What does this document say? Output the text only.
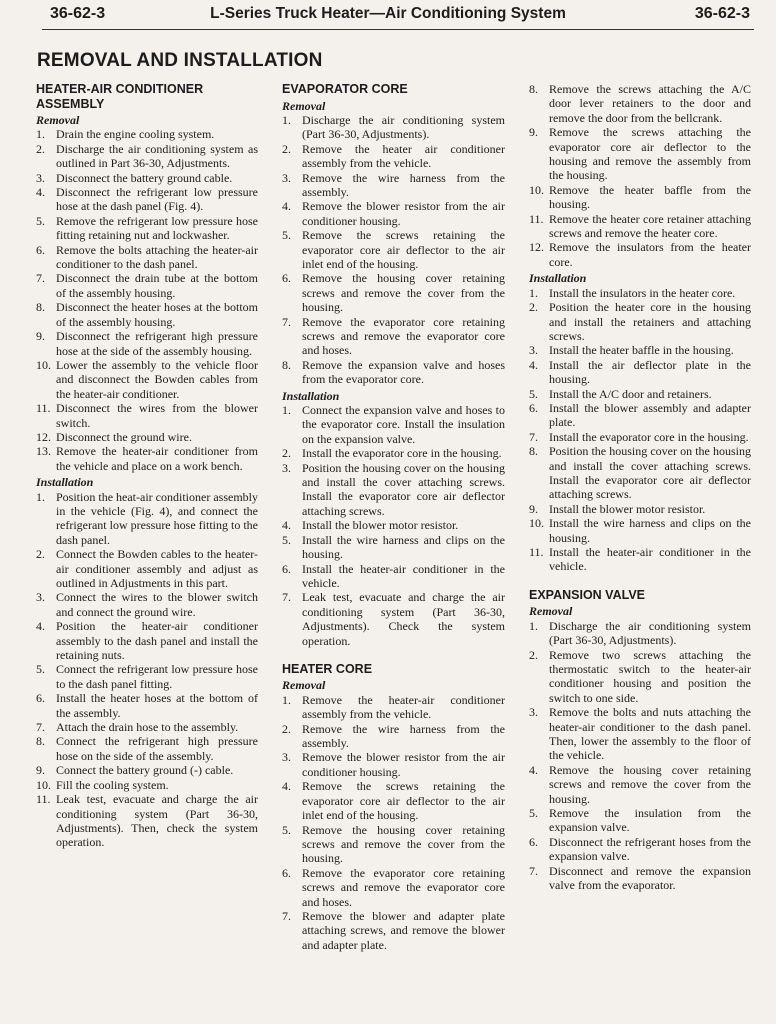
36-62-3	L-Series Truck Heater—Air Conditioning System	36-62-3
REMOVAL AND INSTALLATION
HEATER-AIR CONDITIONER ASSEMBLY
Removal
1. Drain the engine cooling system.
2. Discharge the air conditioning system as outlined in Part 36-30, Adjustments.
3. Disconnect the battery ground cable.
4. Disconnect the refrigerant low pressure hose at the dash panel (Fig. 4).
5. Remove the refrigerant low pressure hose fitting retaining nut and lockwasher.
6. Remove the bolts attaching the heater-air conditioner to the dash panel.
7. Disconnect the drain tube at the bottom of the assembly housing.
8. Disconnect the heater hoses at the bottom of the assembly housing.
9. Disconnect the refrigerant high pressure hose at the side of the assembly housing.
10. Lower the assembly to the vehicle floor and disconnect the Bowden cables from the heater-air conditioner.
11. Disconnect the wires from the blower switch.
12. Disconnect the ground wire.
13. Remove the heater-air conditioner from the vehicle and place on a work bench.
Installation
1. Position the heat-air conditioner assembly in the vehicle (Fig. 4), and connect the refrigerant low pressure hose fitting to the dash panel.
2. Connect the Bowden cables to the heater-air conditioner assembly and adjust as outlined in Adjustments in this part.
3. Connect the wires to the blower switch and connect the ground wire.
4. Position the heater-air conditioner assembly to the dash panel and install the retaining nuts.
5. Connect the refrigerant low pressure hose to the dash panel fitting.
6. Install the heater hoses at the bottom of the assembly.
7. Attach the drain hose to the assembly.
8. Connect the refrigerant high pressure hose on the side of the assembly.
9. Connect the battery ground (-) cable.
10. Fill the cooling system.
11. Leak test, evacuate and charge the air conditioning system (Part 36-30, Adjustments). Then, check the system operation.
EVAPORATOR CORE
Removal
1. Discharge the air conditioning system (Part 36-30, Adjustments).
2. Remove the heater air conditioner assembly from the vehicle.
3. Remove the wire harness from the assembly.
4. Remove the blower resistor from the air conditioner housing.
5. Remove the screws retaining the evaporator core air deflector to the air inlet end of the housing.
6. Remove the housing cover retaining screws and remove the cover from the housing.
7. Remove the evaporator core retaining screws and remove the evaporator core and hoses.
8. Remove the expansion valve and hoses from the evaporator core.
Installation
1. Connect the expansion valve and hoses to the evaporator core. Install the insulation on the expansion valve.
2. Install the evaporator core in the housing.
3. Position the housing cover on the housing and install the cover attaching screws. Install the evaporator core air deflector attaching screws.
4. Install the blower motor resistor.
5. Install the wire harness and clips on the housing.
6. Install the heater-air conditioner in the vehicle.
7. Leak test, evacuate and charge the air conditioning system (Part 36-30, Adjustments). Check the system operation.
HEATER CORE
Removal
1. Remove the heater-air conditioner assembly from the vehicle.
2. Remove the wire harness from the assembly.
3. Remove the blower resistor from the air conditioner housing.
4. Remove the screws retaining the evaporator core air deflector to the air inlet end of the housing.
5. Remove the housing cover retaining screws and remove the cover from the housing.
6. Remove the evaporator core retaining screws and remove the evaporator core and hoses.
7. Remove the blower and adapter plate attaching screws, and remove the blower and adapter plate.
8. Remove the screws attaching the A/C door lever retainers to the door and remove the door from the bellcrank.
9. Remove the screws attaching the evaporator core air deflector to the housing and remove the assembly from the housing.
10. Remove the heater baffle from the housing.
11. Remove the heater core retainer attaching screws and remove the heater core.
12. Remove the insulators from the heater core.
Installation
1. Install the insulators in the heater core.
2. Position the heater core in the housing and install the retainers and attaching screws.
3. Install the heater baffle in the housing.
4. Install the air deflector plate in the housing.
5. Install the A/C door and retainers.
6. Install the blower assembly and adapter plate.
7. Install the evaporator core in the housing.
8. Position the housing cover on the housing and install the cover attaching screws. Install the evaporator core air deflector attaching screws.
9. Install the blower motor resistor.
10. Install the wire harness and clips on the housing.
11. Install the heater-air conditioner in the vehicle.
EXPANSION VALVE
Removal
1. Discharge the air conditioning system (Part 36-30, Adjustments).
2. Remove two screws attaching the thermostatic switch to the heater-air conditioner housing and position the switch to one side.
3. Remove the bolts and nuts attaching the heater-air conditioner to the dash panel. Then, lower the assembly to the floor of the vehicle.
4. Remove the housing cover retaining screws and remove the cover from the housing.
5. Remove the insulation from the expansion valve.
6. Disconnect the refrigerant hoses from the expansion valve.
7. Disconnect and remove the expansion valve from the evaporator.
